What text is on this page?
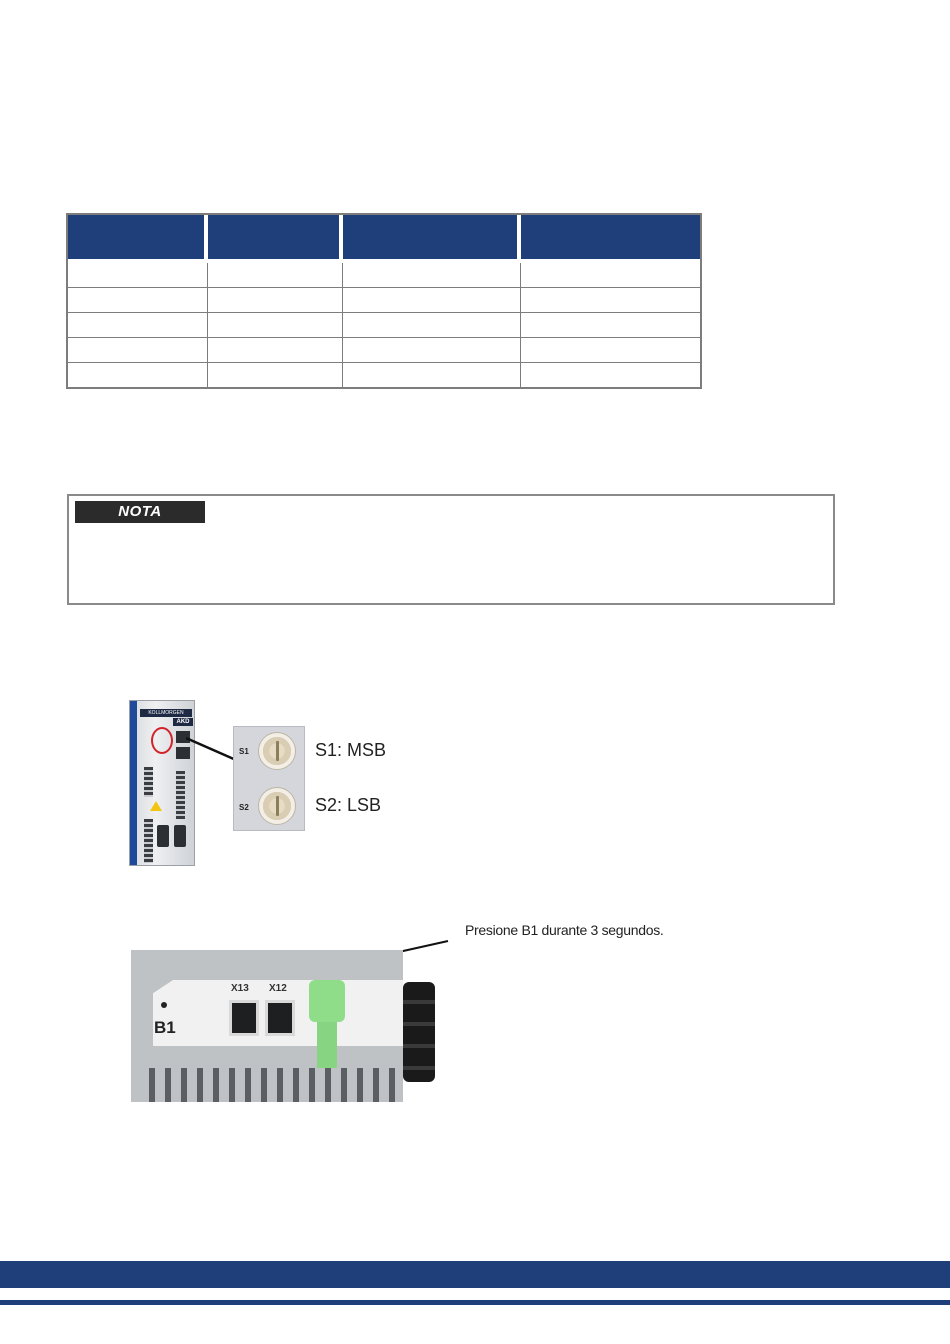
NOTA
KOLLMORGEN
AKD
S1
S2
S1: MSB
S2: LSB
Presione B1 durante 3 segundos.
B1
X13 X12
